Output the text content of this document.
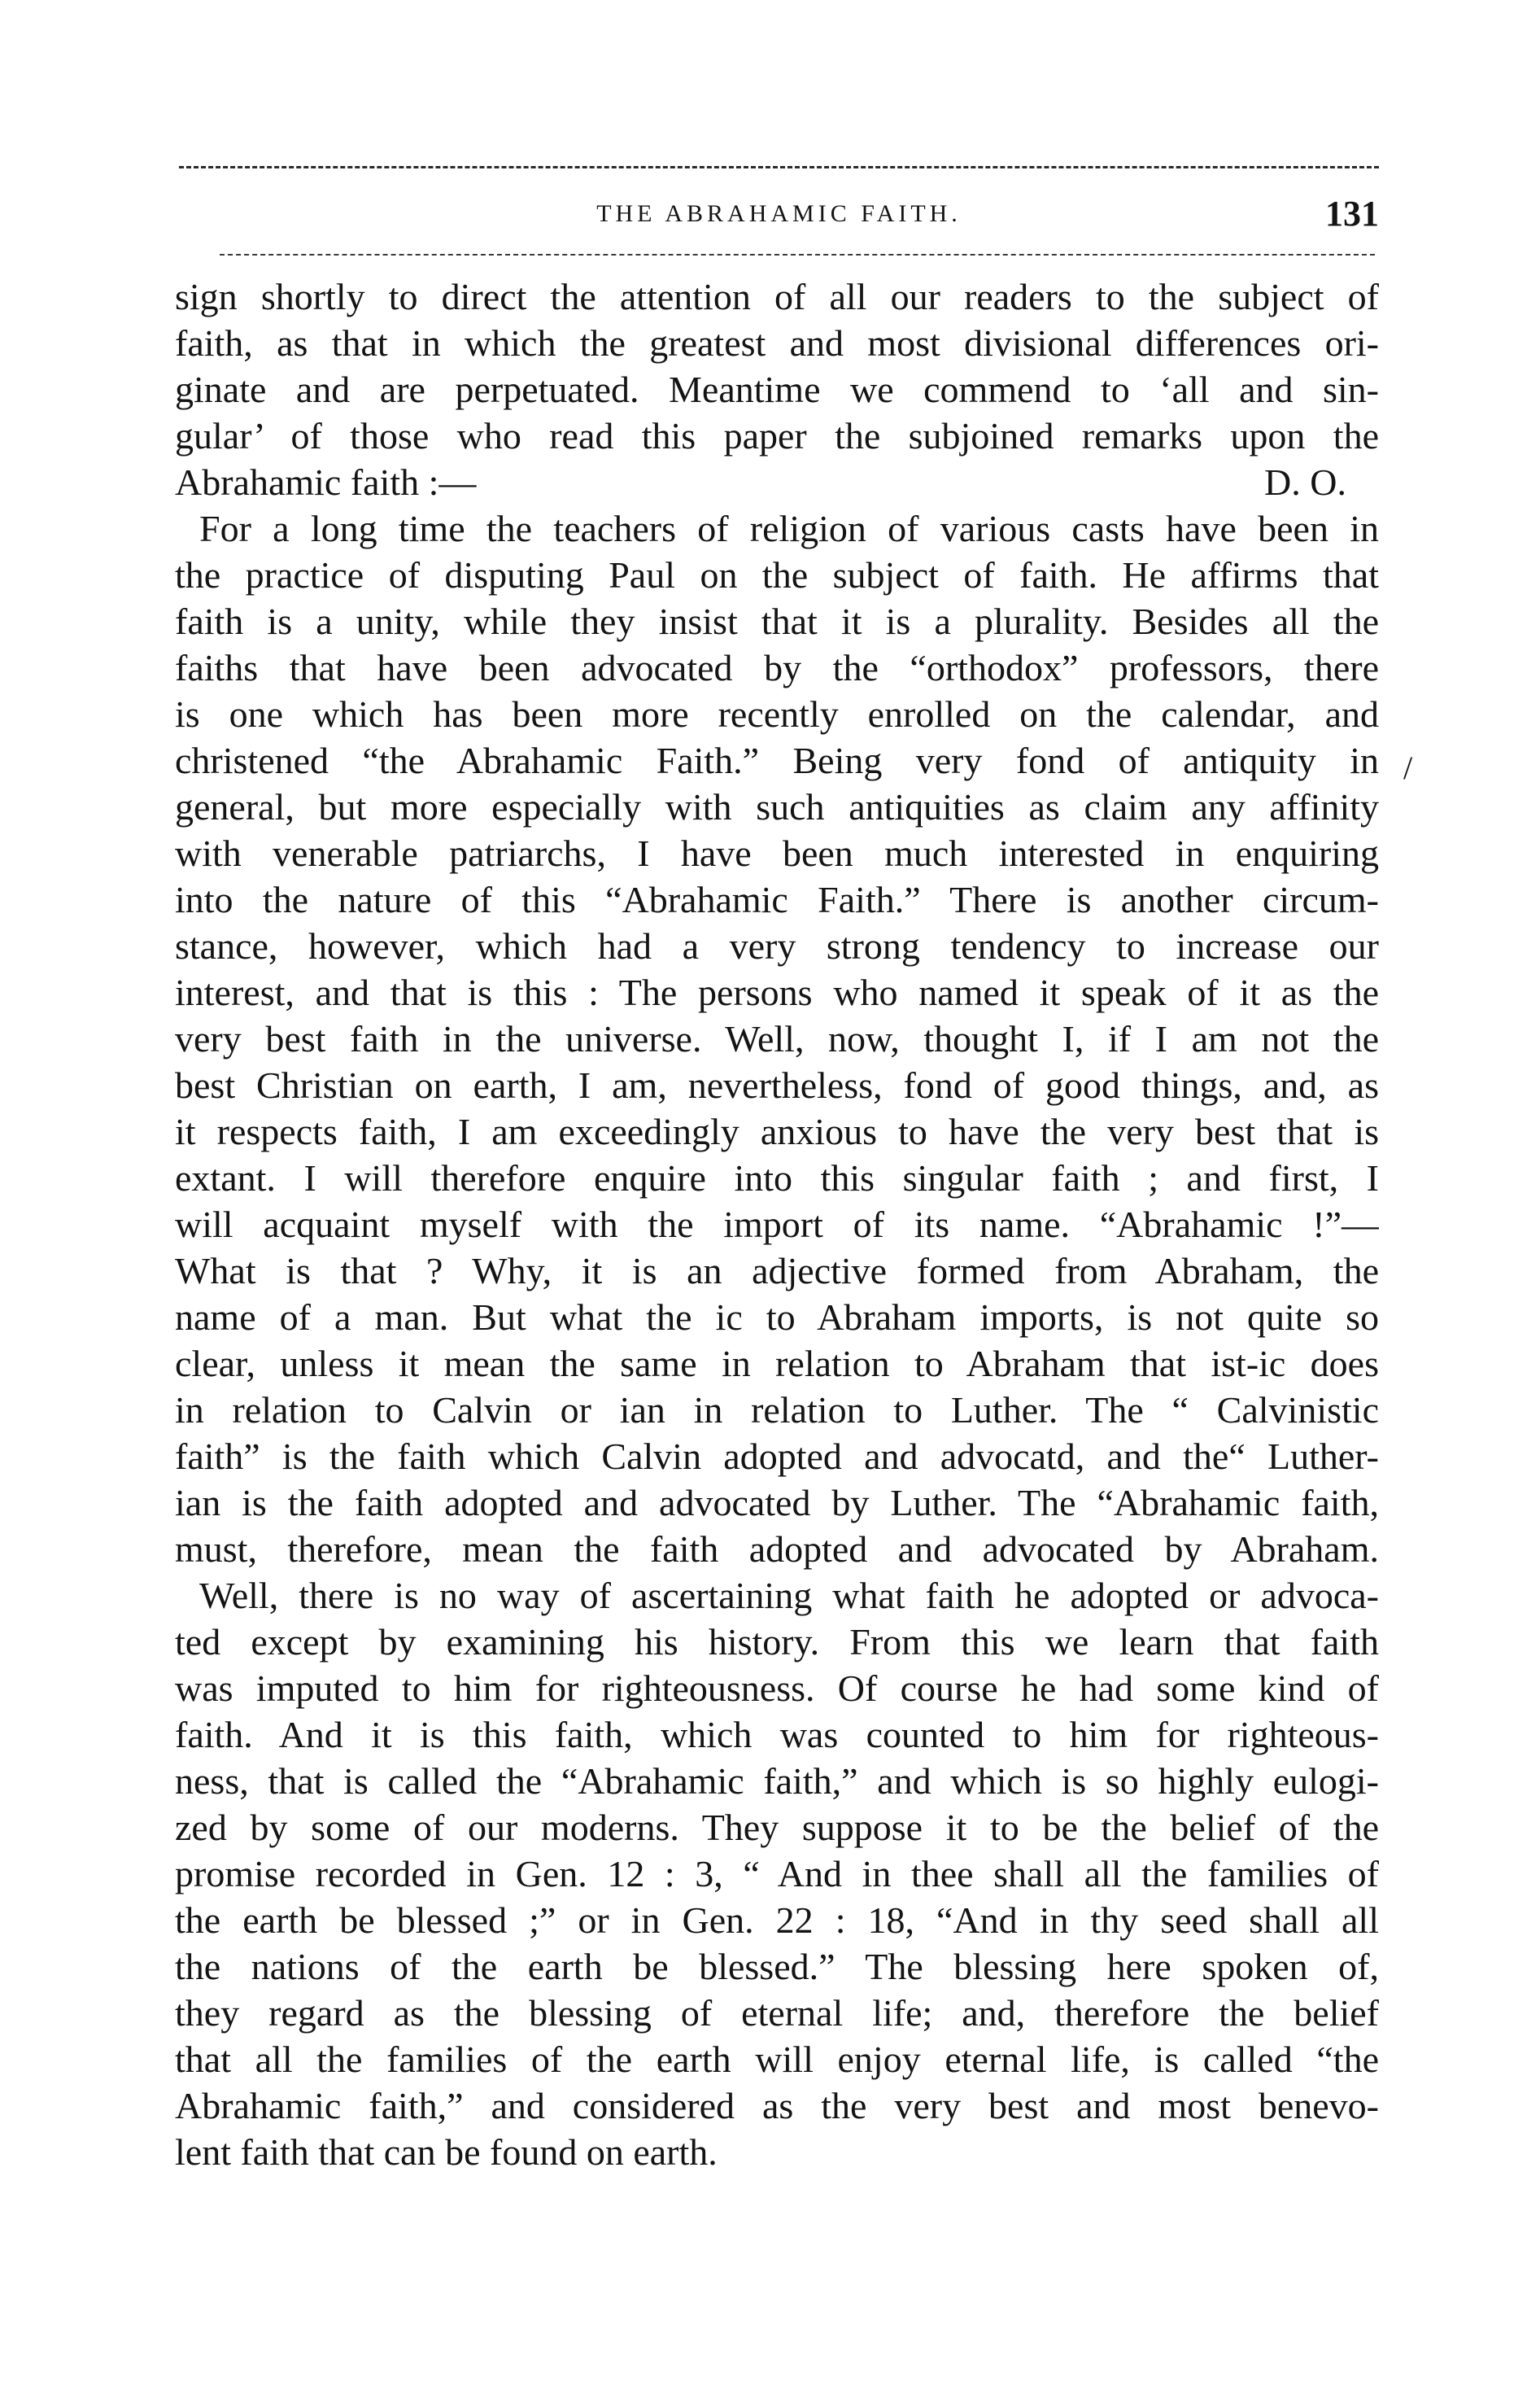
THE ABRAHAMIC FAITH.	131
/
sign shortly to direct the attention of all our readers to the subject of
faith, as that in which the greatest and most divisional differences ori-
ginate and are perpetuated. Meantime we commend to ‘all and sin-
gular’ of those who read this paper the subjoined remarks upon the
Abrahamic faith :—	D. O.
For a long time the teachers of religion of various casts have been in
the practice of disputing Paul on the subject of faith. He affirms that
faith is a unity, while they insist that it is a plurality. Besides all the
faiths that have been advocated by the “orthodox” professors, there
is one which has been more recently enrolled on the calendar, and
christened “the Abrahamic Faith.” Being very fond of antiquity in
general, but more especially with such antiquities as claim any affinity
with venerable patriarchs, I have been much interested in enquiring
into the nature of this “Abrahamic Faith.” There is another circum-
stance, however, which had a very strong tendency to increase our
interest, and that is this : The persons who named it speak of it as the
very best faith in the universe. Well, now, thought I, if I am not the
best Christian on earth, I am, nevertheless, fond of good things, and, as
it respects faith, I am exceedingly anxious to have the very best that is
extant. I will therefore enquire into this singular faith ; and first, I
will acquaint myself with the import of its name. “Abrahamic !”—
What is that ? Why, it is an adjective formed from Abraham, the
name of a man. But what the ic to Abraham imports, is not quite so
clear, unless it mean the same in relation to Abraham that ist-ic does
in relation to Calvin or ian in relation to Luther. The “ Calvinistic
faith” is the faith which Calvin adopted and advocatd, and the“ Luther-
ian is the faith adopted and advocated by Luther. The “Abrahamic faith,
must, therefore, mean the faith adopted and advocated by Abraham.
Well, there is no way of ascertaining what faith he adopted or advoca-
ted except by examining his history. From this we learn that faith
was imputed to him for righteousness. Of course he had some kind of
faith. And it is this faith, which was counted to him for righteous-
ness, that is called the “Abrahamic faith,” and which is so highly eulogi-
zed by some of our moderns. They suppose it to be the belief of the
promise recorded in Gen. 12 : 3, “ And in thee shall all the families of
the earth be blessed ;” or in Gen. 22 : 18, “And in thy seed shall all
the nations of the earth be blessed.” The blessing here spoken of,
they regard as the blessing of eternal life; and, therefore the belief
that all the families of the earth will enjoy eternal life, is called “the
Abrahamic faith,” and considered as the very best and most benevo-
lent faith that can be found on earth.
